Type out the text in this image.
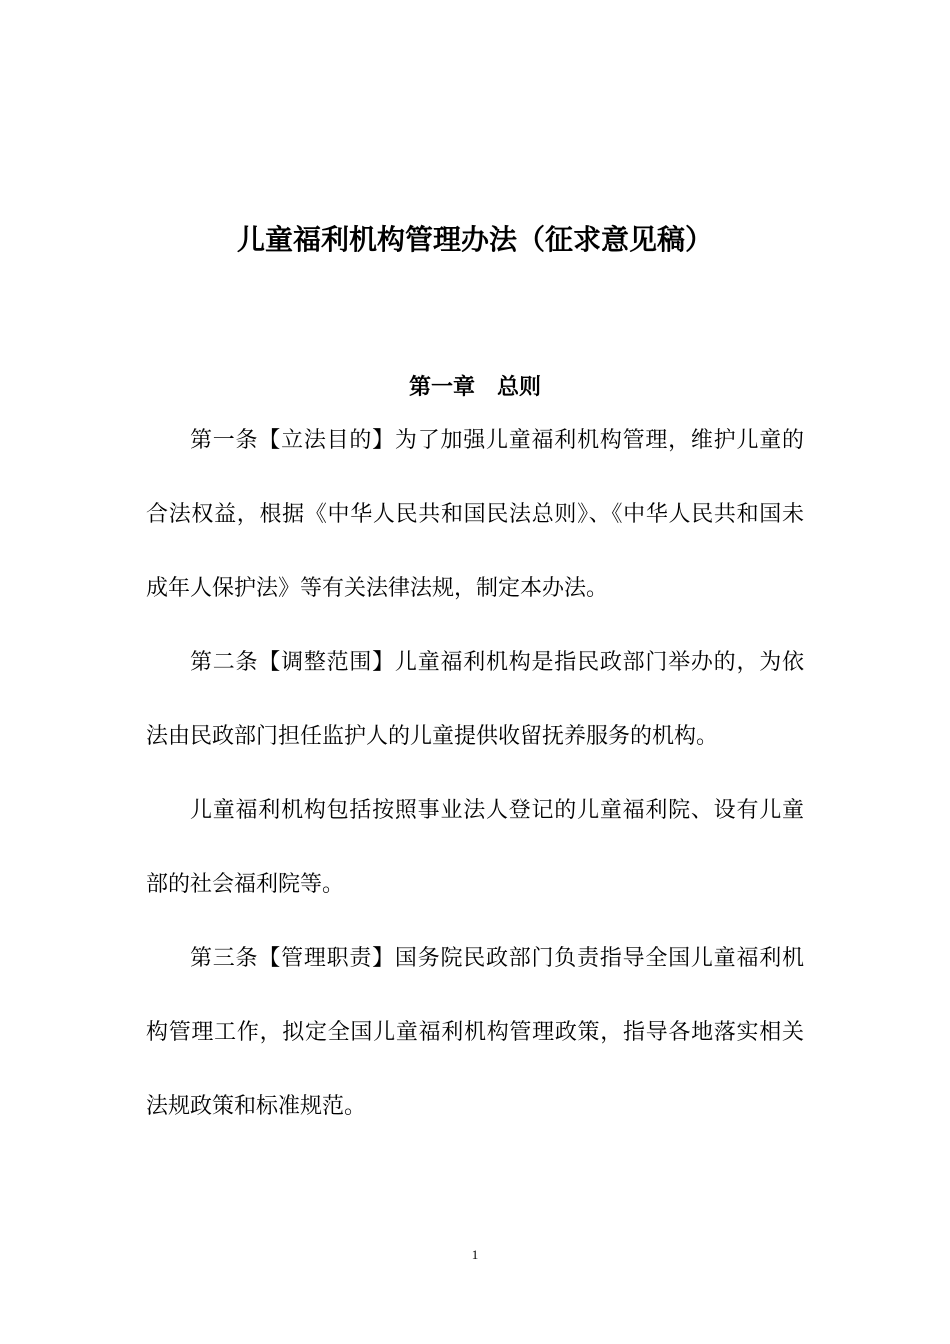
儿童福利机构管理办法（征求意见稿）
第一章　总则

第一条【立法目的】为了加强儿童福利机构管理，维护儿童的合法权益，根据《中华人民共和国民法总则》、《中华人民共和国未成年人保护法》等有关法律法规，制定本办法。

第二条【调整范围】儿童福利机构是指民政部门举办的，为依法由民政部门担任监护人的儿童提供收留抚养服务的机构。

儿童福利机构包括按照事业法人登记的儿童福利院、设有儿童部的社会福利院等。

第三条【管理职责】国务院民政部门负责指导全国儿童福利机构管理工作，拟定全国儿童福利机构管理政策，指导各地落实相关法规政策和标准规范。

1
